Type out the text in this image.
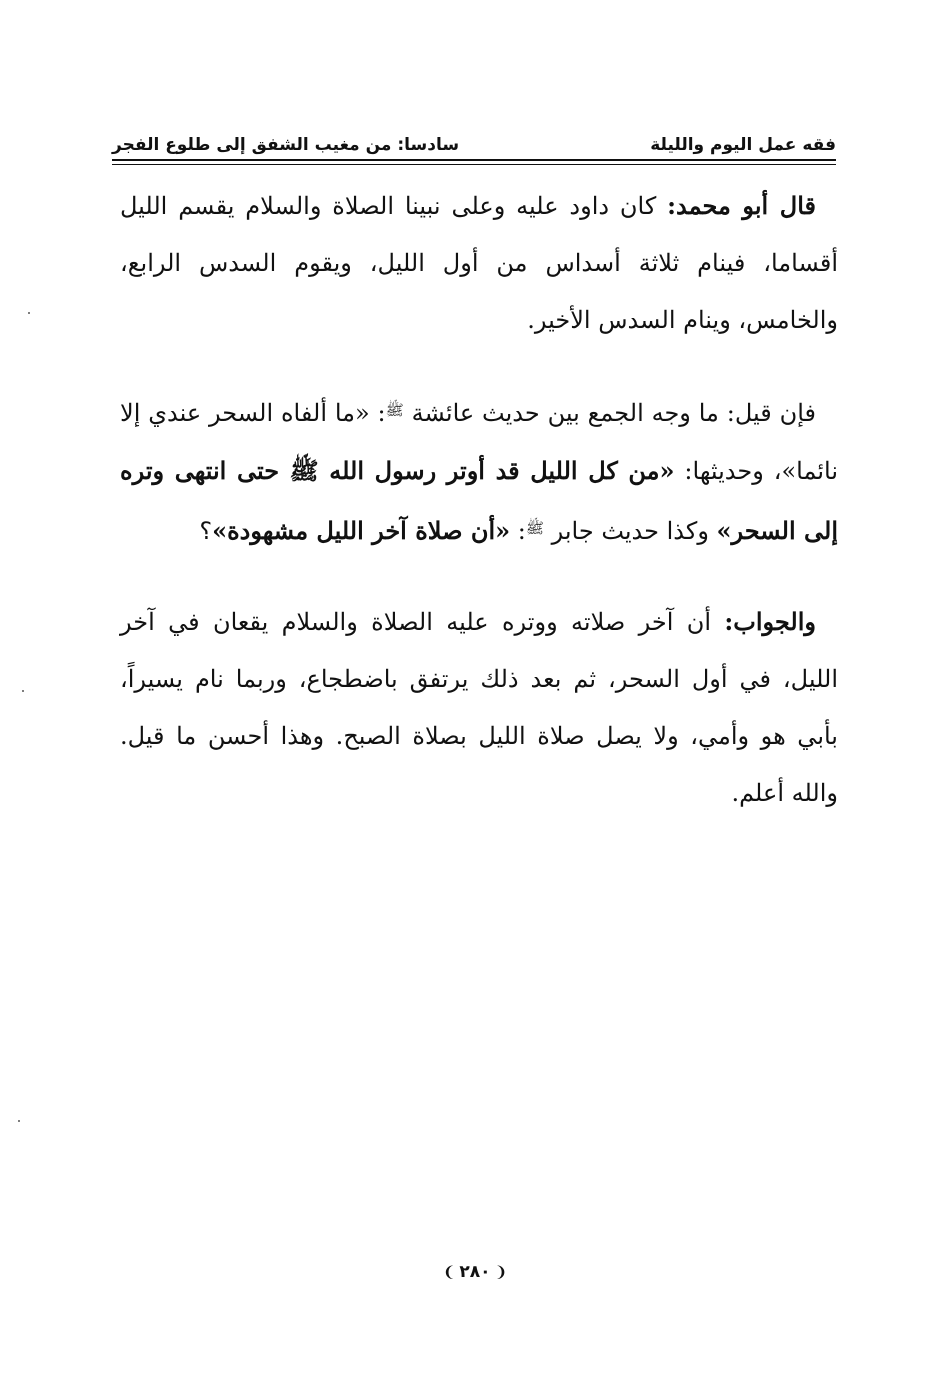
فقه عمل اليوم والليلة
سادسا: من مغيب الشفق إلى طلوع الفجر

قال أبو محمد: كان داود عليه وعلى نبينا الصلاة والسلام يقسم الليل أقساما، فينام ثلاثة أسداس من أول الليل، ويقوم السدس الرابع، والخامس، وينام السدس الأخير.

فإن قيل: ما وجه الجمع بين حديث عائشة $^ﷺ$: «ما ألفاه السحر عندي إلا نائما»، وحديثها: «من كل الليل قد أوتر رسول الله ﷺ حتى انتهى وتره إلى السحر» وكذا حديث جابر $^ﷺ$: «أن صلاة آخر الليل مشهودة»؟

والجواب: أن آخر صلاته ووتره عليه الصلاة والسلام يقعان في آخر الليل، في أول السحر، ثم بعد ذلك يرتفق باضطجاع، وربما نام يسيراً، بأبي هو وأمي، ولا يصل صلاة الليل بصلاة الصبح. وهذا أحسن ما قيل. والله أعلم.

❨ ٢٨٠ ❩
